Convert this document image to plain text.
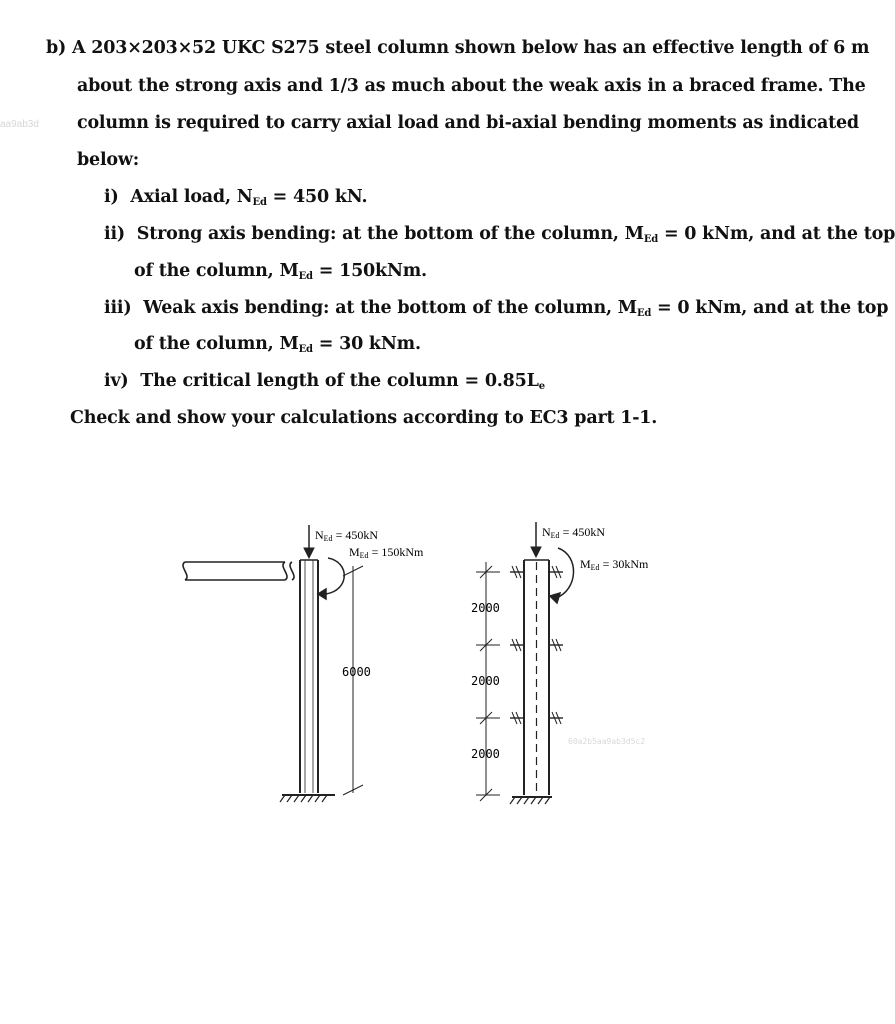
aa9ab3d
b) A 203×203×52 UKC S275 steel column shown below has an effective length of 6 m
about the strong axis and 1/3 as much about the weak axis in a braced frame. The
column is required to carry axial load and bi-axial bending moments as indicated
below:
i) Axial load, $N_{Ed} = 450$ kN.
ii) Strong axis bending: at the bottom of the column, $M_{Ed} = 0$ kNm, and at the top
of the column, $M_{Ed} = 150kNm$.
iii) Weak axis bending: at the bottom of the column, $M_{Ed} = 0$ kNm, and at the top
of the column, $M_{Ed} = 30$ kNm.
iv) The critical length of the column = $0.85L_e$
Check and show your calculations according to EC3 part 1-1.
6000
NEd = 450kN
MEd = 150kNm
2000
2000
2000
NEd = 450kN
MEd = 30kNm
60a2b5aa9ab3d5c2
